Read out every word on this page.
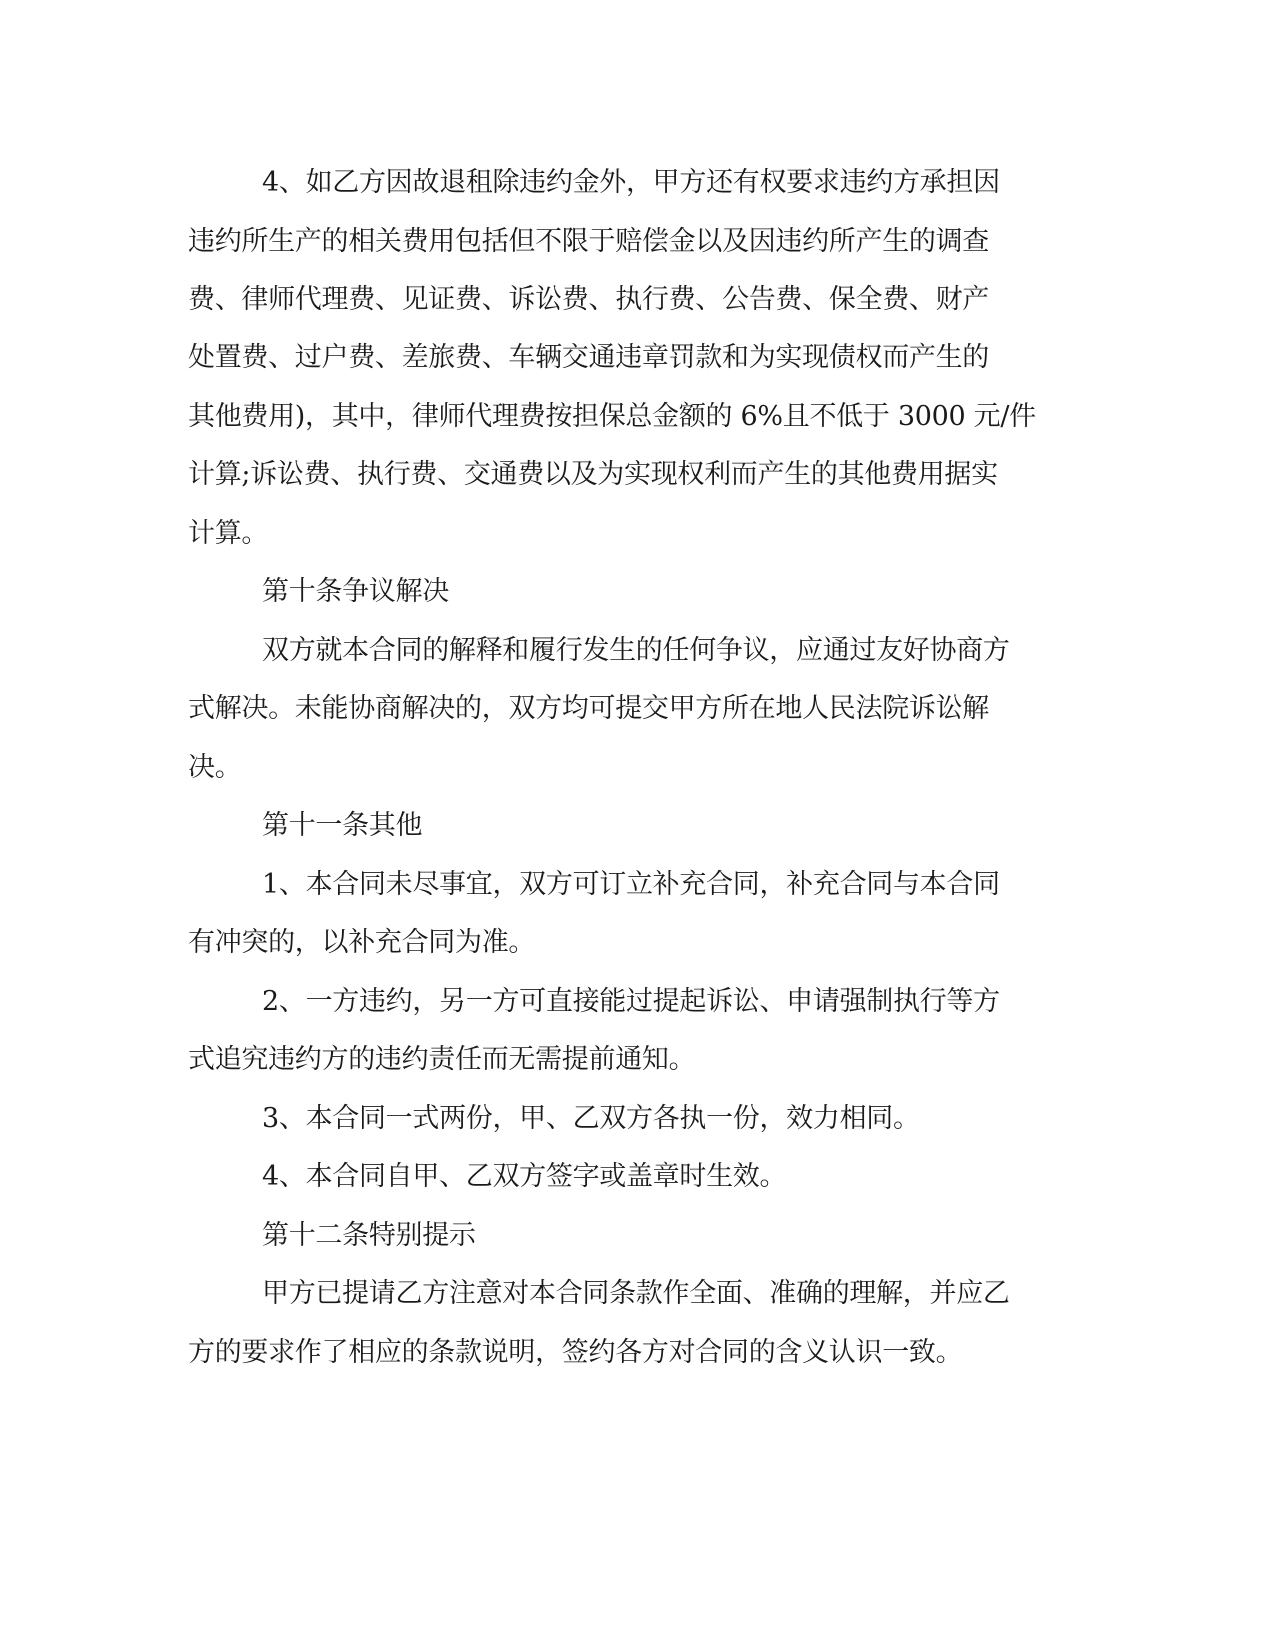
4、如乙方因故退租除违约金外，甲方还有权要求违约方承担因
违约所生产的相关费用包括但不限于赔偿金以及因违约所产生的调查
费、律师代理费、见证费、诉讼费、执行费、公告费、保全费、财产
处置费、过户费、差旅费、车辆交通违章罚款和为实现债权而产生的
其他费用)，其中，律师代理费按担保总金额的 6%且不低于 3000 元/件
计算;诉讼费、执行费、交通费以及为实现权利而产生的其他费用据实
计算。
第十条争议解决
双方就本合同的解释和履行发生的任何争议，应通过友好协商方
式解决。未能协商解决的，双方均可提交甲方所在地人民法院诉讼解
决。
第十一条其他
1、本合同未尽事宜，双方可订立补充合同，补充合同与本合同
有冲突的，以补充合同为准。
2、一方违约，另一方可直接能过提起诉讼、申请强制执行等方
式追究违约方的违约责任而无需提前通知。
3、本合同一式两份，甲、乙双方各执一份，效力相同。
4、本合同自甲、乙双方签字或盖章时生效。
第十二条特别提示
甲方已提请乙方注意对本合同条款作全面、准确的理解，并应乙
方的要求作了相应的条款说明，签约各方对合同的含义认识一致。
